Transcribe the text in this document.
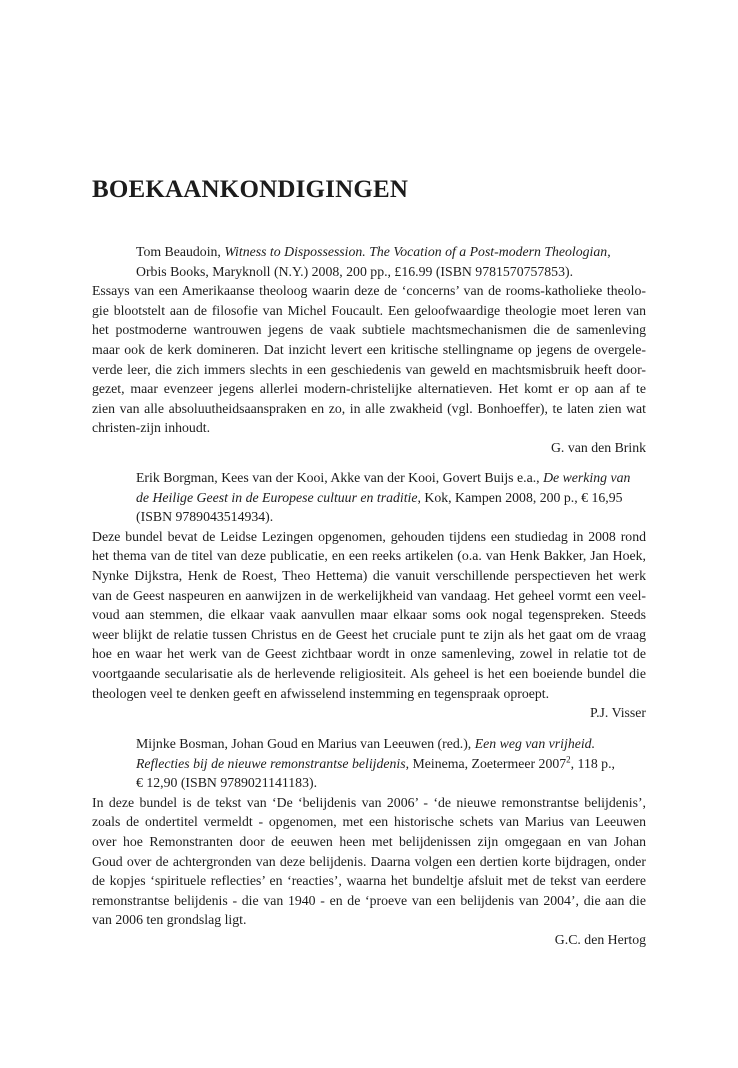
BOEKAANKONDIGINGEN
Tom Beaudoin, Witness to Dispossession. The Vocation of a Post-modern Theologian,
Orbis Books, Maryknoll (N.Y.) 2008, 200 pp., £16.99 (ISBN 9781570757853).
Essays van een Amerikaanse theoloog waarin deze de ‘concerns’ van de rooms-katholieke theolo-
gie blootstelt aan de filosofie van Michel Foucault. Een geloofwaardige theologie moet leren van
het postmoderne wantrouwen jegens de vaak subtiele machtsmechanismen die de samenleving
maar ook de kerk domineren. Dat inzicht levert een kritische stellingname op jegens de overgele-
verde leer, die zich immers slechts in een geschiedenis van geweld en machtsmisbruik heeft door-
gezet, maar evenzeer jegens allerlei modern-christelijke alternatieven. Het komt er op aan af te
zien van alle absoluutheidsaanspraken en zo, in alle zwakheid (vgl. Bonhoeffer), te laten zien wat
christen-zijn inhoudt.
G. van den Brink
Erik Borgman, Kees van der Kooi, Akke van der Kooi, Govert Buijs e.a., De werking van
de Heilige Geest in de Europese cultuur en traditie, Kok, Kampen 2008, 200 p., € 16,95
(ISBN 9789043514934).
Deze bundel bevat de Leidse Lezingen opgenomen, gehouden tijdens een studiedag in 2008 rond
het thema van de titel van deze publicatie, en een reeks artikelen (o.a. van Henk Bakker, Jan Hoek,
Nynke Dijkstra, Henk de Roest, Theo Hettema) die vanuit verschillende perspectieven het werk
van de Geest naspeuren en aanwijzen in de werkelijkheid van vandaag. Het geheel vormt een veel-
voud aan stemmen, die elkaar vaak aanvullen maar elkaar soms ook nogal tegenspreken. Steeds
weer blijkt de relatie tussen Christus en de Geest het cruciale punt te zijn als het gaat om de vraag
hoe en waar het werk van de Geest zichtbaar wordt in onze samenleving, zowel in relatie tot de
voortgaande secularisatie als de herlevende religiositeit. Als geheel is het een boeiende bundel die
theologen veel te denken geeft en afwisselend instemming en tegenspraak oproept.
P.J. Visser
Mijnke Bosman, Johan Goud en Marius van Leeuwen (red.), Een weg van vrijheid.
Reflecties bij de nieuwe remonstrantse belijdenis, Meinema, Zoetermeer 2007$^2$, 118 p.,
€ 12,90 (ISBN 9789021141183).
In deze bundel is de tekst van ‘De ‘belijdenis van 2006’ - ‘de nieuwe remonstrantse belijdenis’,
zoals de ondertitel vermeldt - opgenomen, met een historische schets van Marius van Leeuwen
over hoe Remonstranten door de eeuwen heen met belijdenissen zijn omgegaan en van Johan
Goud over de achtergronden van deze belijdenis. Daarna volgen een dertien korte bijdragen, onder
de kopjes ‘spirituele reflecties’ en ‘reacties’, waarna het bundeltje afsluit met de tekst van eerdere
remonstrantse belijdenis - die van 1940 - en de ‘proeve van een belijdenis van 2004’, die aan die
van 2006 ten grondslag ligt.
G.C. den Hertog
